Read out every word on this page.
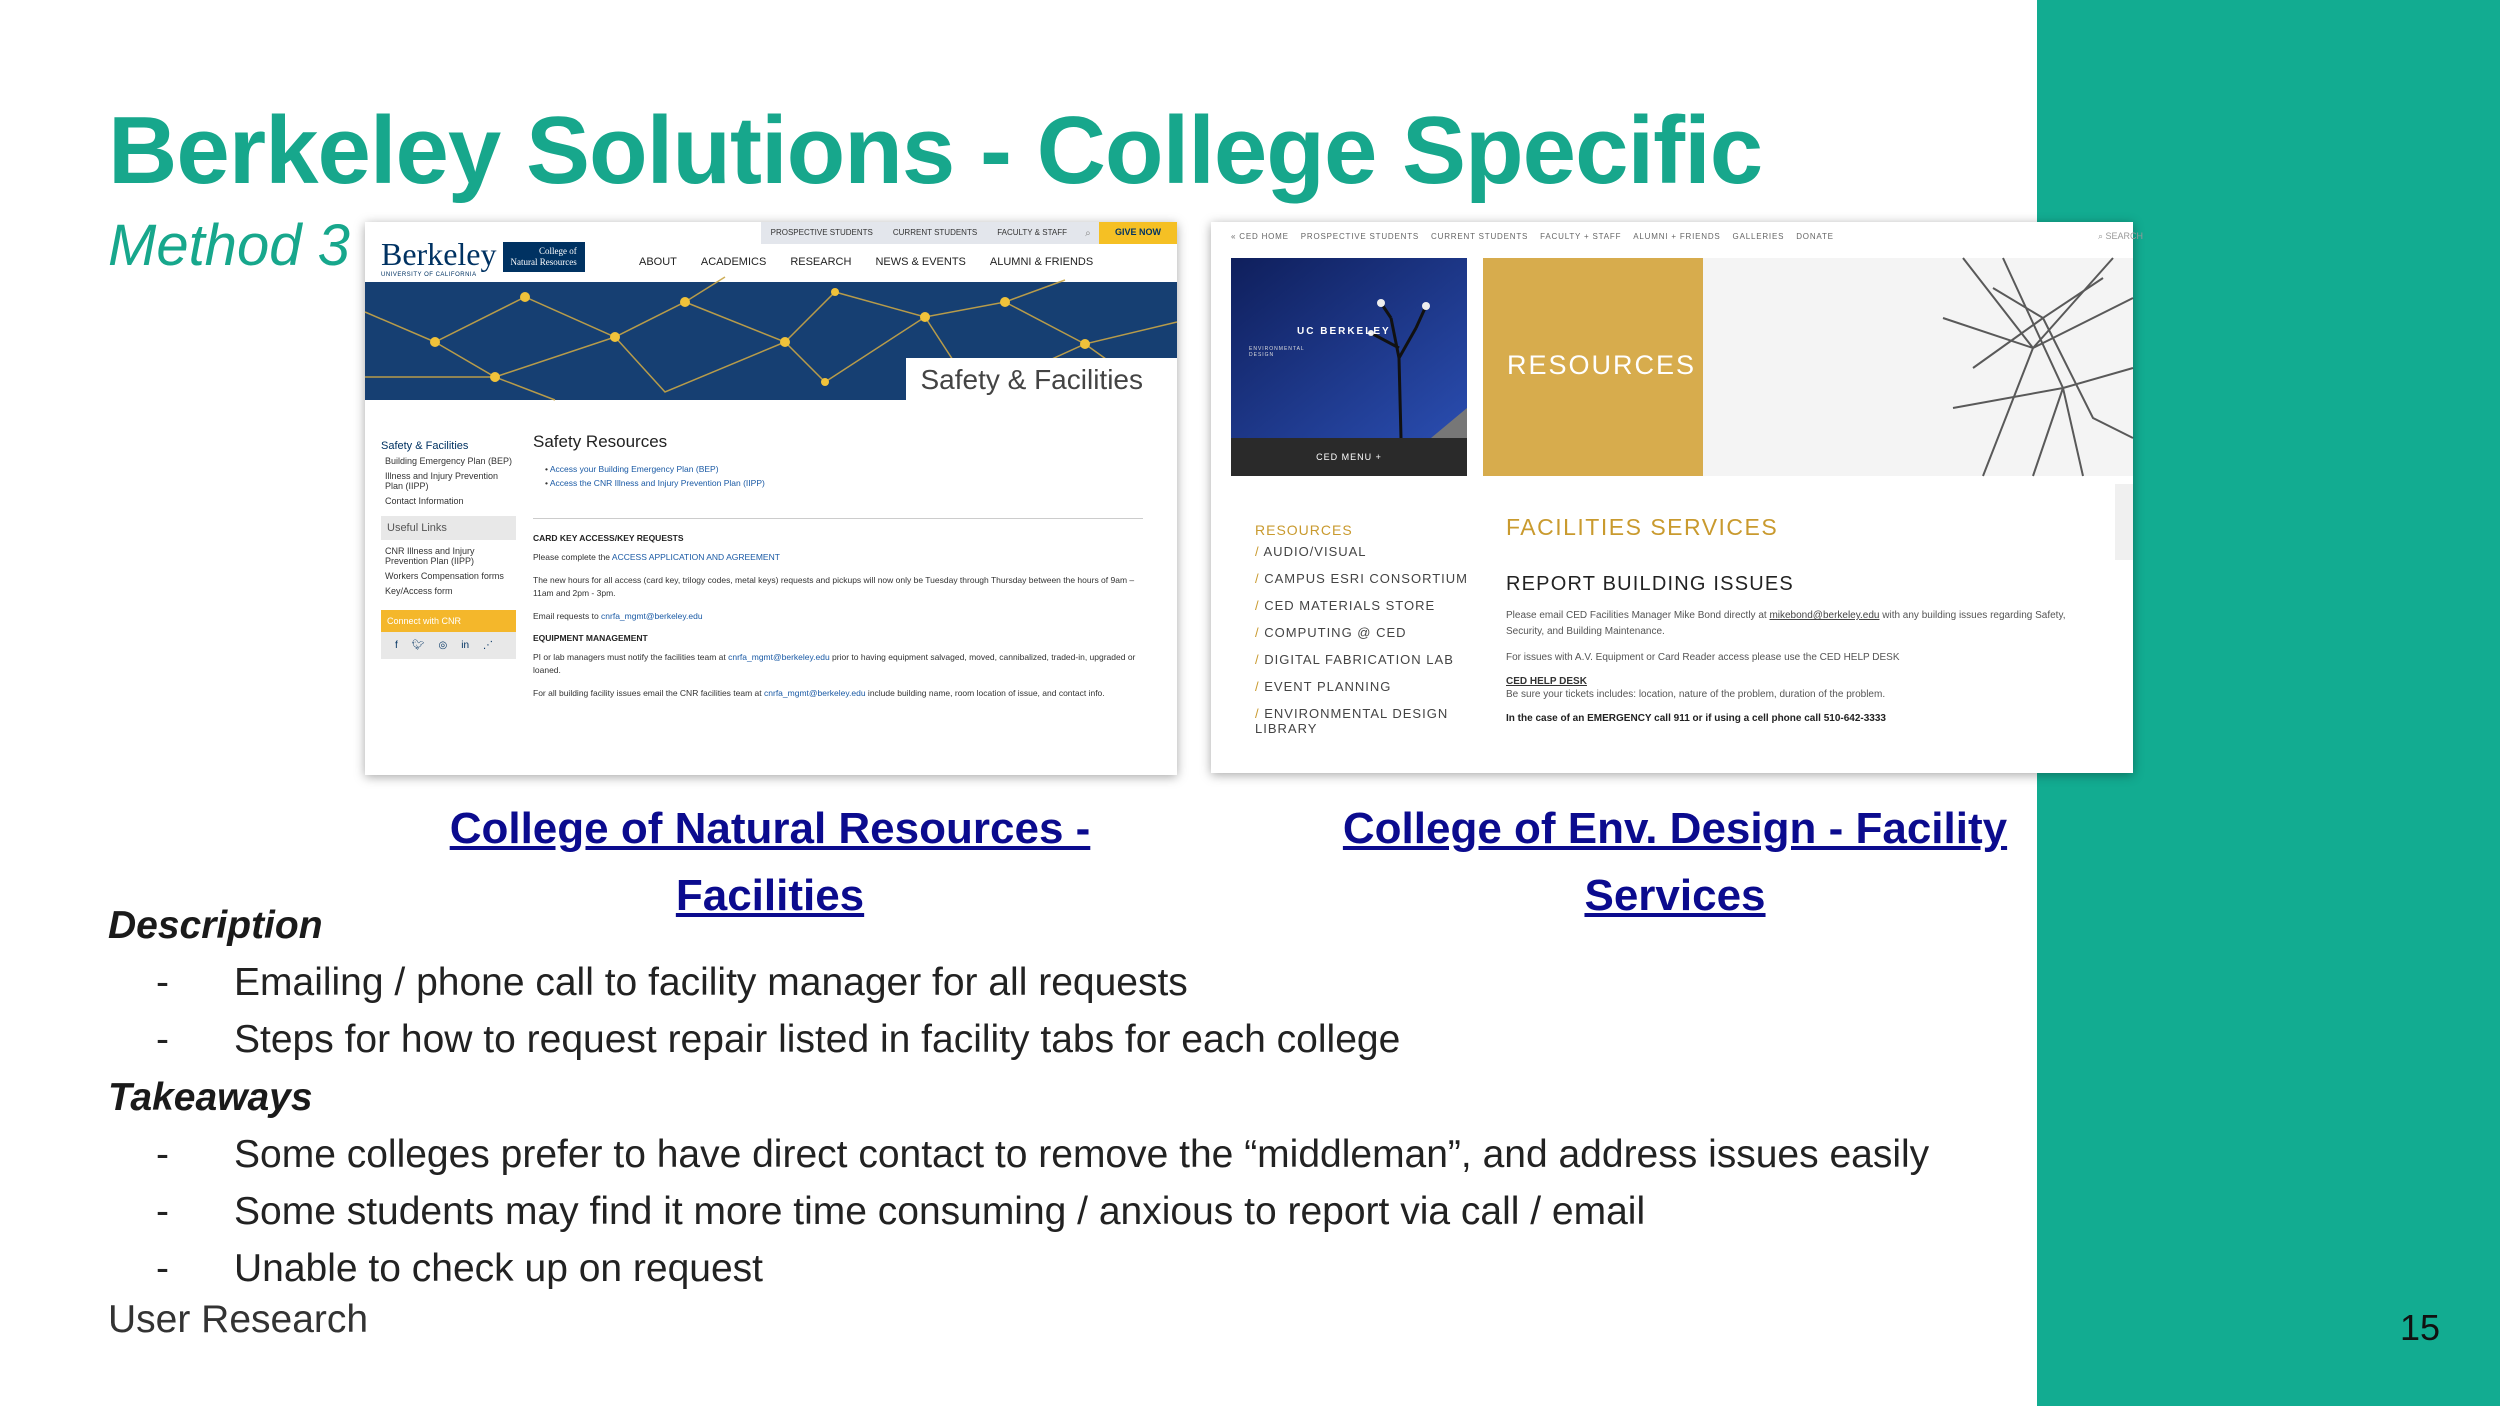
Berkeley Solutions - College Specific
Method 3	PROSPECTIVE STUDENTS	CURRENT STUDENTS	FACULTY & STAFF	⌕	GIVE NOW
Berkeley	College of
Natural Resources
UNIVERSITY OF CALIFORNIA
ABOUT ACADEMICS RESEARCH NEWS & EVENTS ALUMNI & FRIENDS
Safety & Facilities
Safety & Facilities
Building Emergency Plan (BEP)
Illness and Injury Prevention Plan (IIPP)
Contact Information
Useful Links
CNR Illness and Injury Prevention Plan (IIPP)
Workers Compensation forms
Key/Access form
Connect with CNR
f 🐦︎ ◎ in ⋰
Safety Resources
• Access your Building Emergency Plan (BEP)
• Access the CNR Illness and Injury Prevention Plan (IIPP)
CARD KEY ACCESS/KEY REQUESTS
Please complete the ACCESS APPLICATION AND AGREEMENT
The new hours for all access (card key, trilogy codes, metal keys) requests and pickups will now only be Tuesday through Thursday between the hours of 9am –11am and 2pm - 3pm.
Email requests to cnrfa_mgmt@berkeley.edu
EQUIPMENT MANAGEMENT
PI or lab managers must notify the facilities team at cnrfa_mgmt@berkeley.edu prior to having equipment salvaged, moved, cannibalized, traded-in, upgraded or loaned.
For all building facility issues email the CNR facilities team at cnrfa_mgmt@berkeley.edu include building name, room location of issue, and contact info.
« CED HOME PROSPECTIVE STUDENTS CURRENT STUDENTS FACULTY + STAFF ALUMNI + FRIENDS GALLERIES DONATE	⌕ SEARCH
UC BERKELEY
ENVIRONMENTAL
DESIGN
CED MENU +
RESOURCES
RESOURCES
/ AUDIO/VISUAL
/ CAMPUS ESRI CONSORTIUM
/ CED MATERIALS STORE
/ COMPUTING @ CED
/ DIGITAL FABRICATION LAB
/ EVENT PLANNING
/ ENVIRONMENTAL DESIGN LIBRARY
FACILITIES SERVICES
REPORT BUILDING ISSUES
Please email CED Facilities Manager Mike Bond directly at mikebond@berkeley.edu with any building issues regarding Safety, Security, and Building Maintenance.
For issues with A.V. Equipment or Card Reader access please use the CED HELP DESK
CED HELP DESK
Be sure your tickets includes: location, nature of the problem, duration of the problem.
In the case of an EMERGENCY call 911 or if using a cell phone call 510-642-3333
College of Natural Resources -
Facilities
College of Env. Design - Facility
Services
Description
-	Emailing / phone call to facility manager for all requests
-	Steps for how to request repair listed in facility tabs for each college
Takeaways
-	Some colleges prefer to have direct contact to remove the “middleman”, and address issues easily
-	Some students may find it more time consuming / anxious to report via call / email
-	Unable to check up on request
User Research	15
